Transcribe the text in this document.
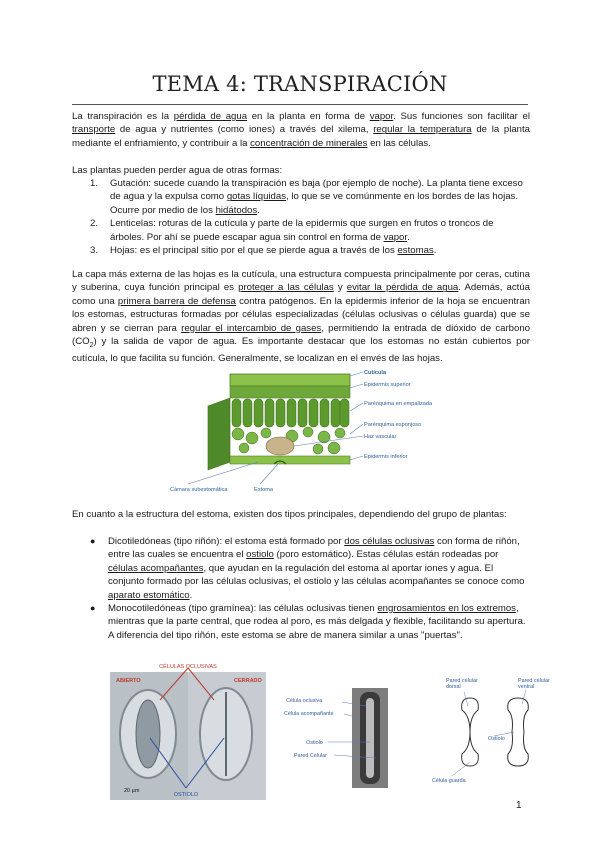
TEMA 4: TRANSPIRACIÓN

La transpiración es la pérdida de agua en la planta en forma de vapor. Sus funciones son facilitar el transporte de agua y nutrientes (como iones) a través del xilema, regular la temperatura de la planta mediante el enfriamiento, y contribuir a la concentración de minerales en las células.

Las plantas pueden perder agua de otras formas:

1. Gutación: sucede cuando la transpiración es baja (por ejemplo de noche). La planta tiene exceso de agua y la expulsa como gotas líquidas, lo que se ve comúnmente en los bordes de las hojas. Ocurre por medio de los hidátodos.
2. Lenticelas: roturas de la cutícula y parte de la epidermis que surgen en frutos o troncos de árboles. Por ahí se puede escapar agua sin control en forma de vapor.
3. Hojas: es el principal sitio por el que se pierde agua a través de los estomas.

La capa más externa de las hojas es la cutícula, una estructura compuesta principalmente por ceras, cutina y suberina, cuya función principal es proteger a las células y evitar la pérdida de agua. Además, actúa como una primera barrera de defensa contra patógenos. En la epidermis inferior de la hoja se encuentran los estomas, estructuras formadas por células especializadas (células oclusivas o células guarda) que se abren y se cierran para regular el intercambio de gases, permitiendo la entrada de dióxido de carbono $(CO_2)$ y la salida de vapor de agua. Es importante destacar que los estomas no están cubiertos por cutícula, lo que facilita su función. Generalmente, se localizan en el envés de las hojas.

Cutícula
Epidermis superior
Parénquima en empalizada
Parénquima esponjoso
Haz vascular
Epidermis inferior
Cámara subestomática	Estoma

En cuanto a la estructura del estoma, existen dos tipos principales, dependiendo del grupo de plantas:

● Dicotiledóneas (tipo riñón): el estoma está formado por dos células oclusivas con forma de riñón, entre las cuales se encuentra el ostiolo (poro estomático). Estas células están rodeadas por células acompañantes, que ayudan en la regulación del estoma al aportar iones y agua. El conjunto formado por las células oclusivas, el ostiolo y las células acompañantes se conoce como aparato estomático.
● Monocotiledóneas (tipo gramínea): las células oclusivas tienen engrosamientos en los extremos, mientras que la parte central, que rodea al poro, es más delgada y flexible, facilitando su apertura. A diferencia del tipo riñón, este estoma se abre de manera similar a unas "puertas".
CÉLULAS OCLUSIVAS
ABIERTO	CERRADO
20 µm
OSTIOLO
Célula oclusiva
Célula acompañante
Ostiolo
Pared Celular
Pared celular dorsal
Pared celular ventral
Ostiolo
Célula guarda
1
